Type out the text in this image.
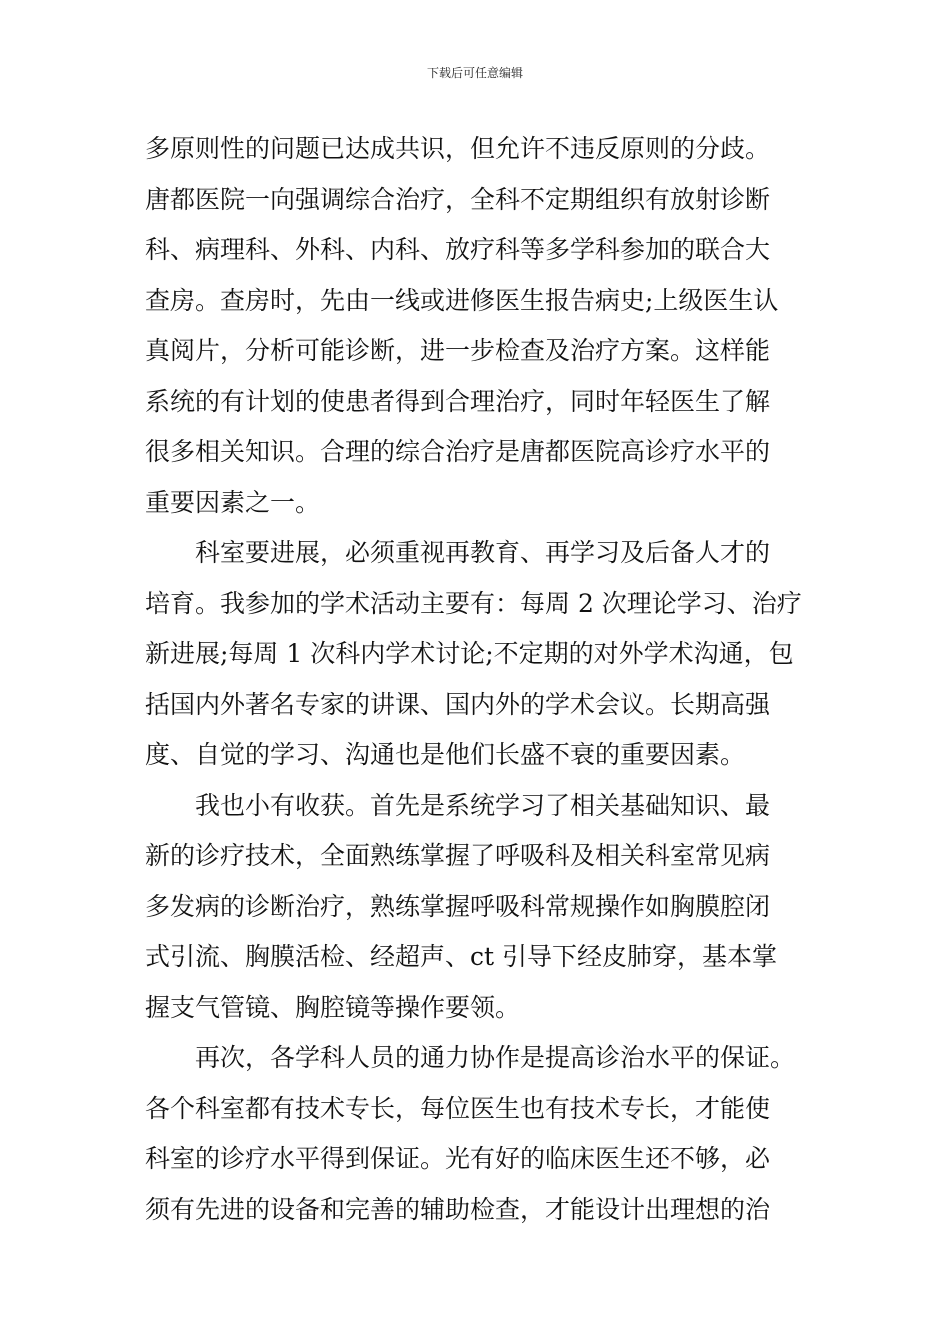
下载后可任意编辑
多原则性的问题已达成共识，但允许不违反原则的分歧。
唐都医院一向强调综合治疗，全科不定期组织有放射诊断
科、病理科、外科、内科、放疗科等多学科参加的联合大
查房。查房时，先由一线或进修医生报告病史;上级医生认
真阅片，分析可能诊断，进一步检查及治疗方案。这样能
系统的有计划的使患者得到合理治疗，同时年轻医生了解
很多相关知识。合理的综合治疗是唐都医院高诊疗水平的
重要因素之一。
科室要进展，必须重视再教育、再学习及后备人才的
培育。我参加的学术活动主要有：每周 2 次理论学习、治疗
新进展;每周 1 次科内学术讨论;不定期的对外学术沟通，包
括国内外著名专家的讲课、国内外的学术会议。长期高强
度、自觉的学习、沟通也是他们长盛不衰的重要因素。
我也小有收获。首先是系统学习了相关基础知识、最
新的诊疗技术，全面熟练掌握了呼吸科及相关科室常见病
多发病的诊断治疗，熟练掌握呼吸科常规操作如胸膜腔闭
式引流、胸膜活检、经超声、ct 引导下经皮肺穿，基本掌
握支气管镜、胸腔镜等操作要领。
再次，各学科人员的通力协作是提高诊治水平的保证。
各个科室都有技术专长，每位医生也有技术专长，才能使
科室的诊疗水平得到保证。光有好的临床医生还不够，必
须有先进的设备和完善的辅助检查，才能设计出理想的治
